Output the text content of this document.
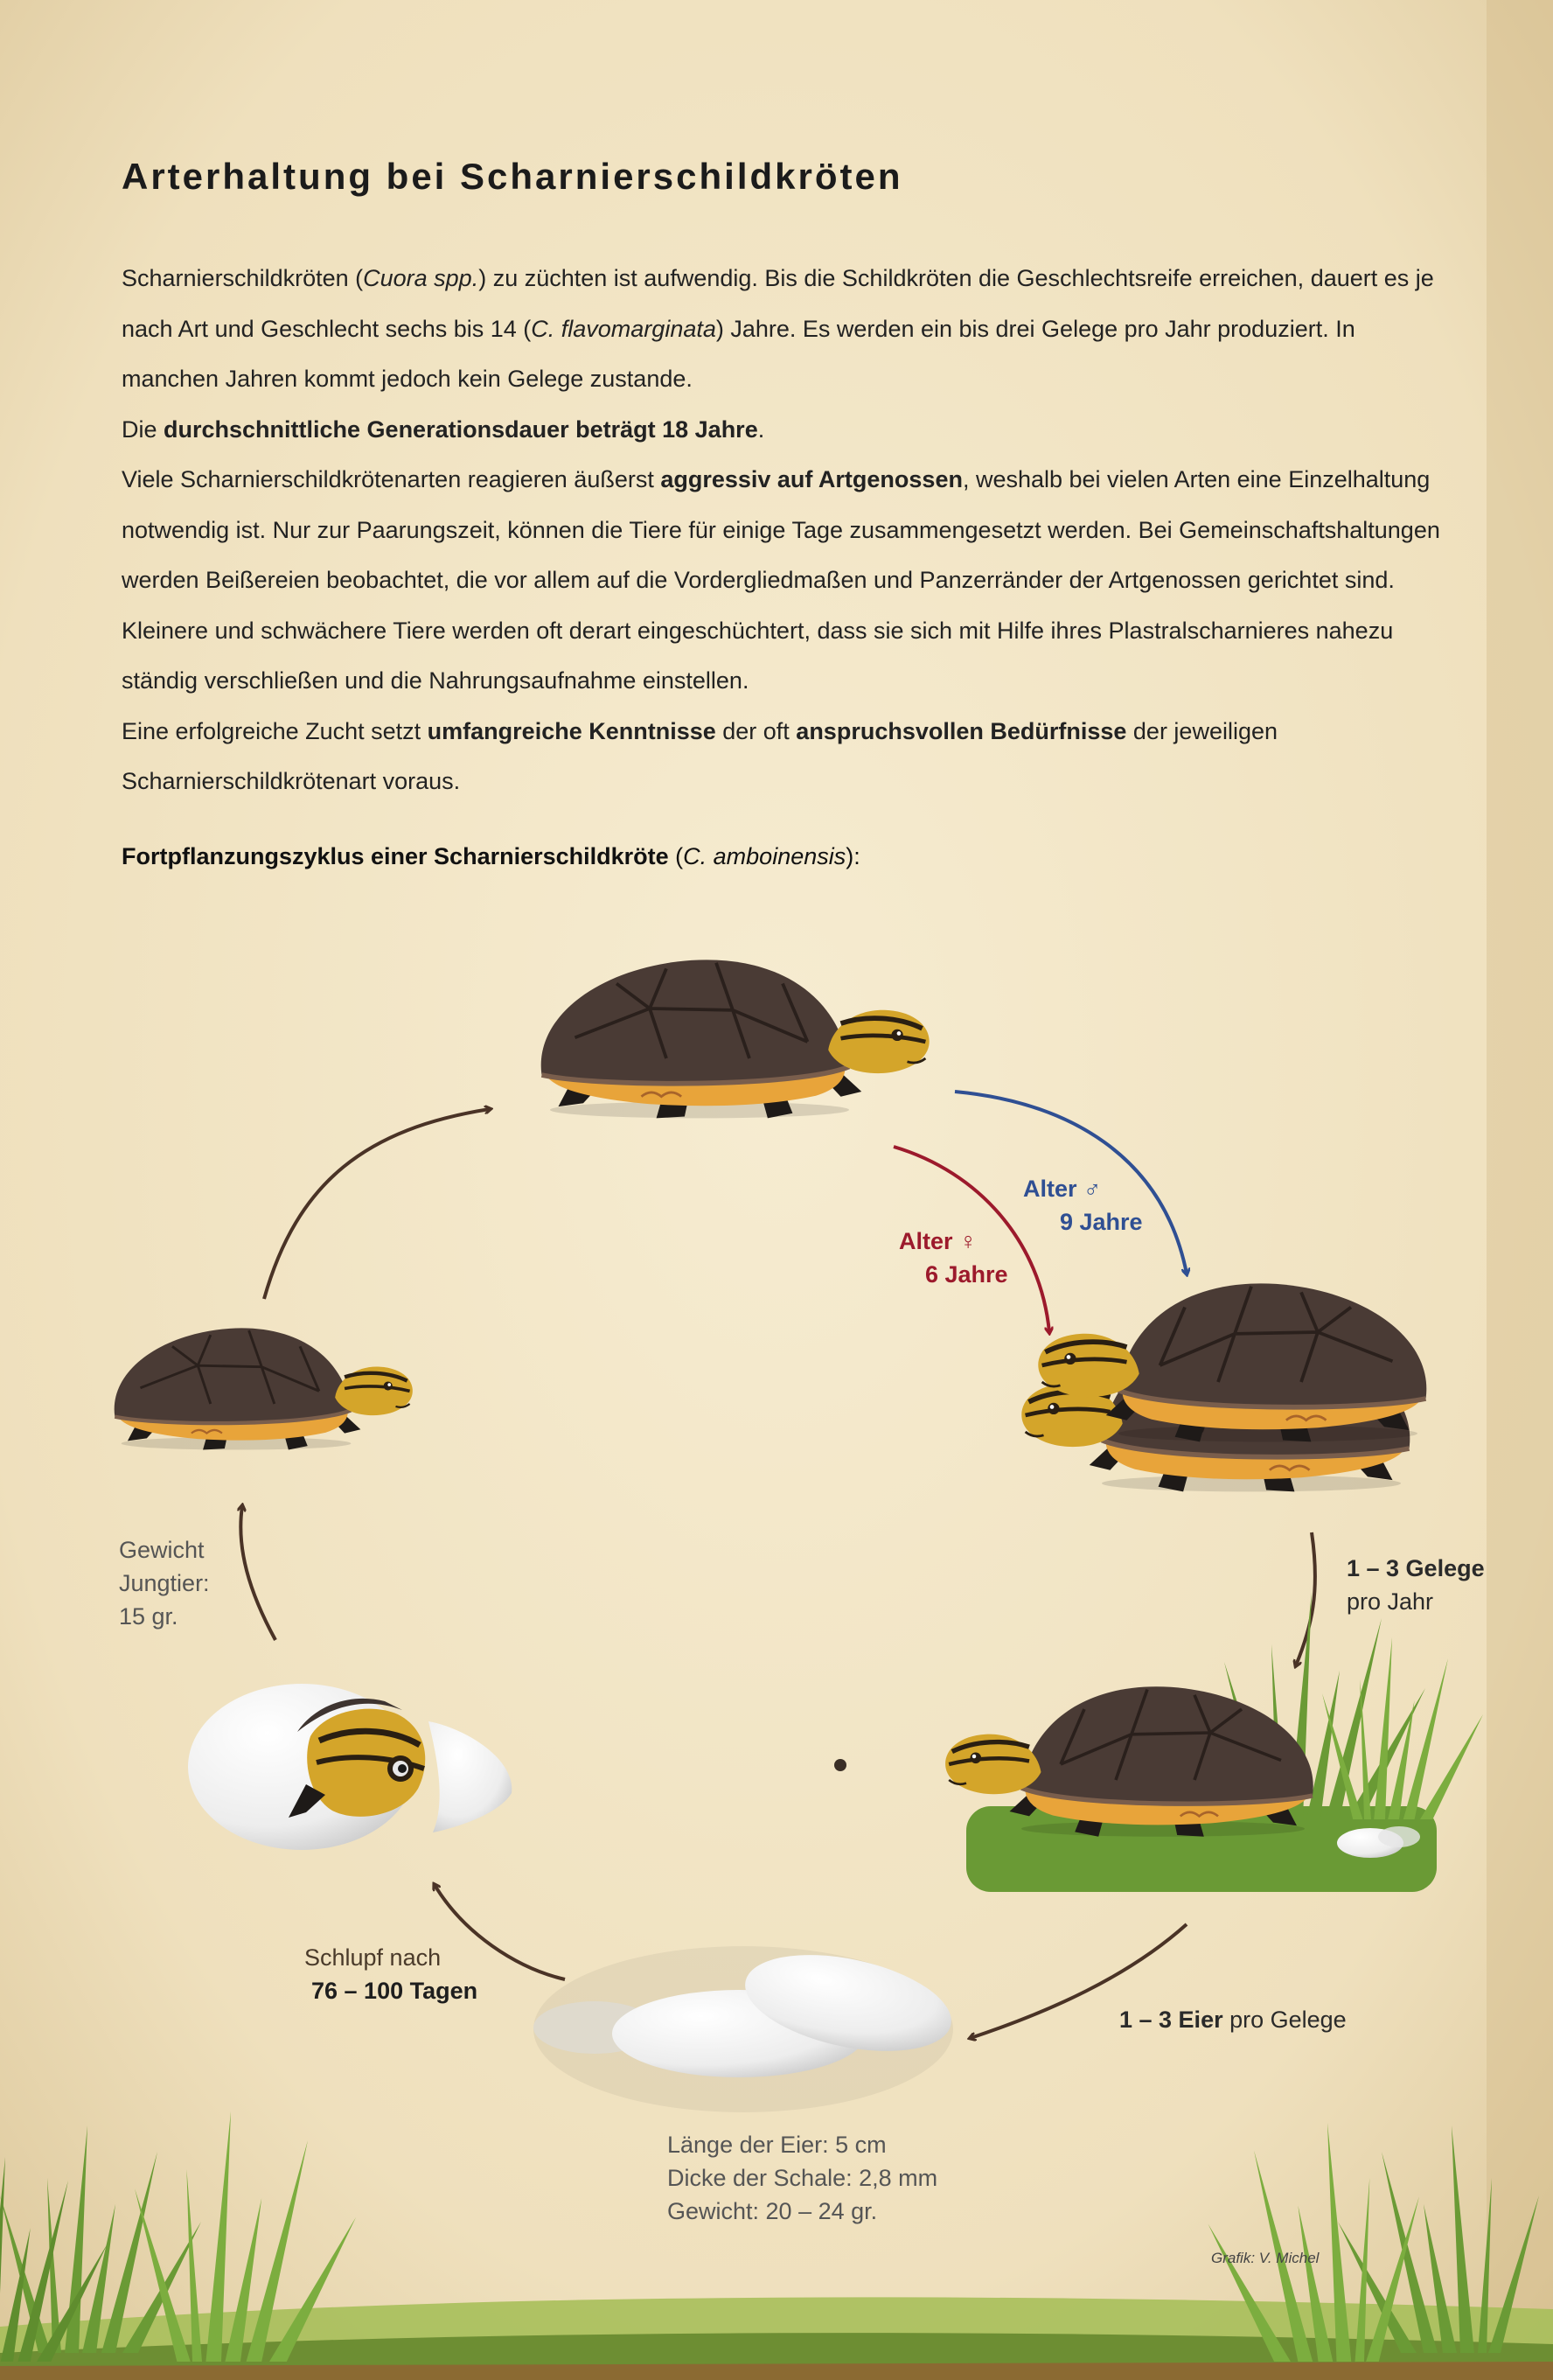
Arterhaltung bei Scharnierschildkröten

Scharnierschildkröten (Cuora spp.) zu züchten ist aufwendig. Bis die Schildkröten die Geschlechtsreife erreichen, dauert es je nach Art und Geschlecht sechs bis 14 (C. flavomarginata) Jahre. Es werden ein bis drei Gelege pro Jahr produziert. In manchen Jahren kommt jedoch kein Gelege zustande.

Die durchschnittliche Generationsdauer beträgt 18 Jahre.

Viele Scharnierschildkrötenarten reagieren äußerst aggressiv auf Artgenossen, weshalb bei vielen Arten eine Einzelhaltung notwendig ist. Nur zur Paarungszeit, können die Tiere für einige Tage zusammengesetzt werden. Bei Gemeinschaftshaltungen werden Beißereien beobachtet, die vor allem auf die Vordergliedmaßen und Panzerränder der Artgenossen gerichtet sind. Kleinere und schwächere Tiere werden oft derart eingeschüchtert, dass sie sich mit Hilfe ihres Plastralscharnieres nahezu ständig verschließen und die Nahrungsaufnahme einstellen.

Eine erfolgreiche Zucht setzt umfangreiche Kenntnisse der oft anspruchsvollen Bedürfnisse der jeweiligen Scharnierschildkrötenart voraus.

Fortpflanzungszyklus einer Scharnierschildkröte (C. amboinensis):
Alter ♂
9 Jahre
Alter ♀
6 Jahre
1 – 3 Gelege
pro Jahr
1 – 3 Eier pro Gelege
Länge der Eier: 5 cm
Dicke der Schale: 2,8 mm
Gewicht: 20 – 24 gr.
Schlupf nach
76 – 100 Tagen
Gewicht
Jungtier:
15 gr.
Grafik: V. Michel
